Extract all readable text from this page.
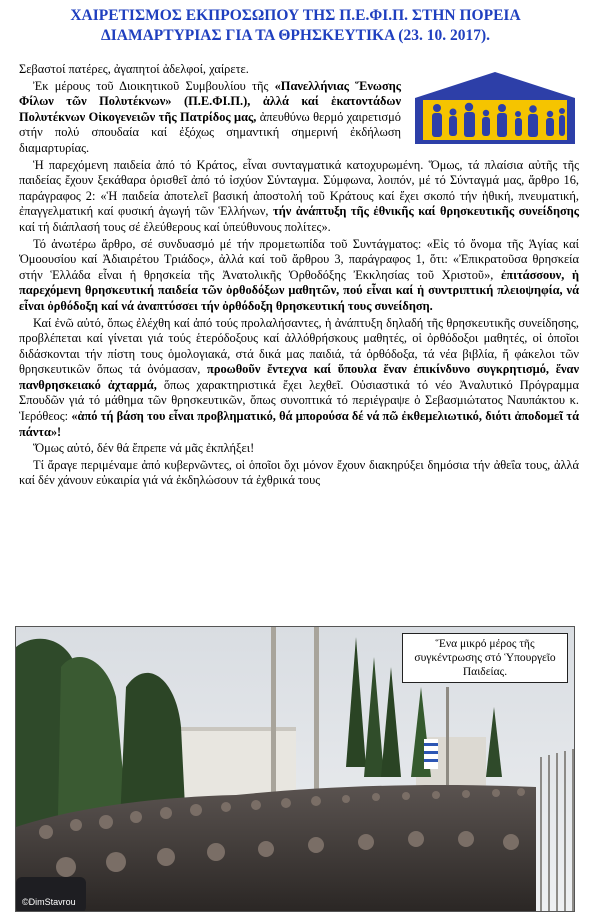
ΧΑΙΡΕΤΙΣΜΟΣ ΕΚΠΡΟΣΩΠΟΥ ΤΗΣ Π.Ε.ΦΙ.Π. ΣΤΗΝ ΠΟΡΕΙΑ
ΔΙΑΜΑΡΤΥΡΙΑΣ ΓΙΑ ΤΑ ΘΡΗΣΚΕΥΤΙΚΑ (23. 10. 2017).

Σεβαστοί πατέρες, ἀγαπητοί ἀδελφοί, χαίρετε.

Ἐκ μέρους τοῦ Διοικητικοῦ Συμβουλίου τῆς «Πανελλήνιας Ἕνωσης Φίλων τῶν Πολυτέκνων» (Π.Ε.ΦΙ.Π.), ἀλλά καί ἑκατοντάδων Πολυτέκνων Οἰκογενειῶν τῆς Πατρίδος μας, ἀπευθύνω θερμό χαιρετισμό στήν πολύ σπουδαία καί ἐξόχως σημαντική σημερινή ἐκδήλωση διαμαρτυρίας.

Ἡ παρεχόμενη παιδεία ἀπό τό Κράτος, εἶναι συνταγματικά κατοχυρωμένη. Ὅμως, τά πλαίσια αὐτῆς τῆς παιδείας ἔχουν ξεκάθαρα ὁρισθεῖ ἀπό τό ἰσχύον Σύνταγμα. Σύμφωνα, λοιπόν, μέ τό Σύνταγμά μας, ἄρθρο 16, παράγραφος 2: «Ἡ παιδεία ἀποτελεῖ βασική ἀποστολή τοῦ Κράτους καί ἔχει σκοπό τήν ἠθική, πνευματική, ἐπαγγελματική καί φυσική ἀγωγή τῶν Ἑλλήνων, τήν ἀνάπτυξη τῆς ἐθνικῆς καί θρησκευτικῆς συνείδησης καί τή διάπλασή τους σέ ἐλεύθερους καί ὑπεύθυνους πολίτες».

Τό ἀνωτέρω ἄρθρο, σέ συνδυασμό μέ τήν προμετωπίδα τοῦ Συντάγματος: «Εἰς τό ὄνομα τῆς Ἁγίας καί Ὁμοουσίου καί Ἀδιαιρέτου Τριάδος», ἀλλά καί τοῦ ἄρθρου 3, παράγραφος 1, ὅτι: «Ἐπικρατοῦσα θρησκεία στήν Ἑλλάδα εἶναι ἡ θρησκεία τῆς Ἀνατολικῆς Ὀρθοδόξης Ἐκκλησίας τοῦ Χριστοῦ», ἐπιτάσσουν, ἡ παρεχόμενη θρησκευτική παιδεία τῶν ὀρθοδόξων μαθητῶν, πού εἶναι καί ἡ συντριπτική πλειοψηφία, νά εἶναι ὀρθόδοξη καί νά ἀναπτύσσει τήν ὀρθόδοξη θρησκευτική τους συνείδηση.

Καί ἐνῶ αὐτό, ὅπως ἐλέχθη καί ἀπό τούς προλαλήσαντες, ἡ ἀνάπτυξη δηλαδή τῆς θρησκευτικῆς συνείδησης, προβλέπεται καί γίνεται γιά τούς ἑτερόδοξους καί ἀλλόθρήσκους μαθητές, οἱ ὀρθόδοξοι μαθητές, οἱ ὁποῖοι διδάσκονται τήν πίστη τους ὁμολογιακά, στά δικά μας παιδιά, τά ὀρθόδοξα, τά νέα βιβλία, ἤ φάκελοι τῶν θρησκευτικῶν ὅπως τά ὀνόμασαν, προωθοῦν ἔντεχνα καί ὕπουλα ἕναν ἐπικίνδυνο συγκρητισμό, ἕναν πανθρησκειακό ἀχταρμά, ὅπως χαρακτηριστικά ἔχει λεχθεῖ. Οὐσιαστικά τό νέο Ἀναλυτικό Πρόγραμμα Σπουδῶν γιά τό μάθημα τῶν θρησκευτικῶν, ὅπως συνοπτικά τό περιέγραψε ὁ Σεβασμιώτατος Ναυπάκτου κ. Ἱερόθεος: «ἀπό τή βάση του εἶναι προβληματικό, θά μπορούσα δέ νά πῶ ἐκθεμελιωτικό, διότι ἀποδομεῖ τά πάντα»!

Ὅμως αὐτό, δέν θά ἔπρεπε νά μᾶς ἐκπλήξει!

Τί ἄραγε περιμέναμε ἀπό κυβερνῶντες, οἱ ὁποῖοι ὄχι μόνον ἔχουν διακηρύξει δημόσια τήν ἀθεΐα τους, ἀλλά καί δέν χάνουν εὐκαιρία γιά νά ἐκδηλώσουν τά ἐχθρικά τους

Ἕνα μικρό μέρος τῆς συγκέντρωσης στό Ὑπουργεῖο Παιδείας.
©DimStavrou
